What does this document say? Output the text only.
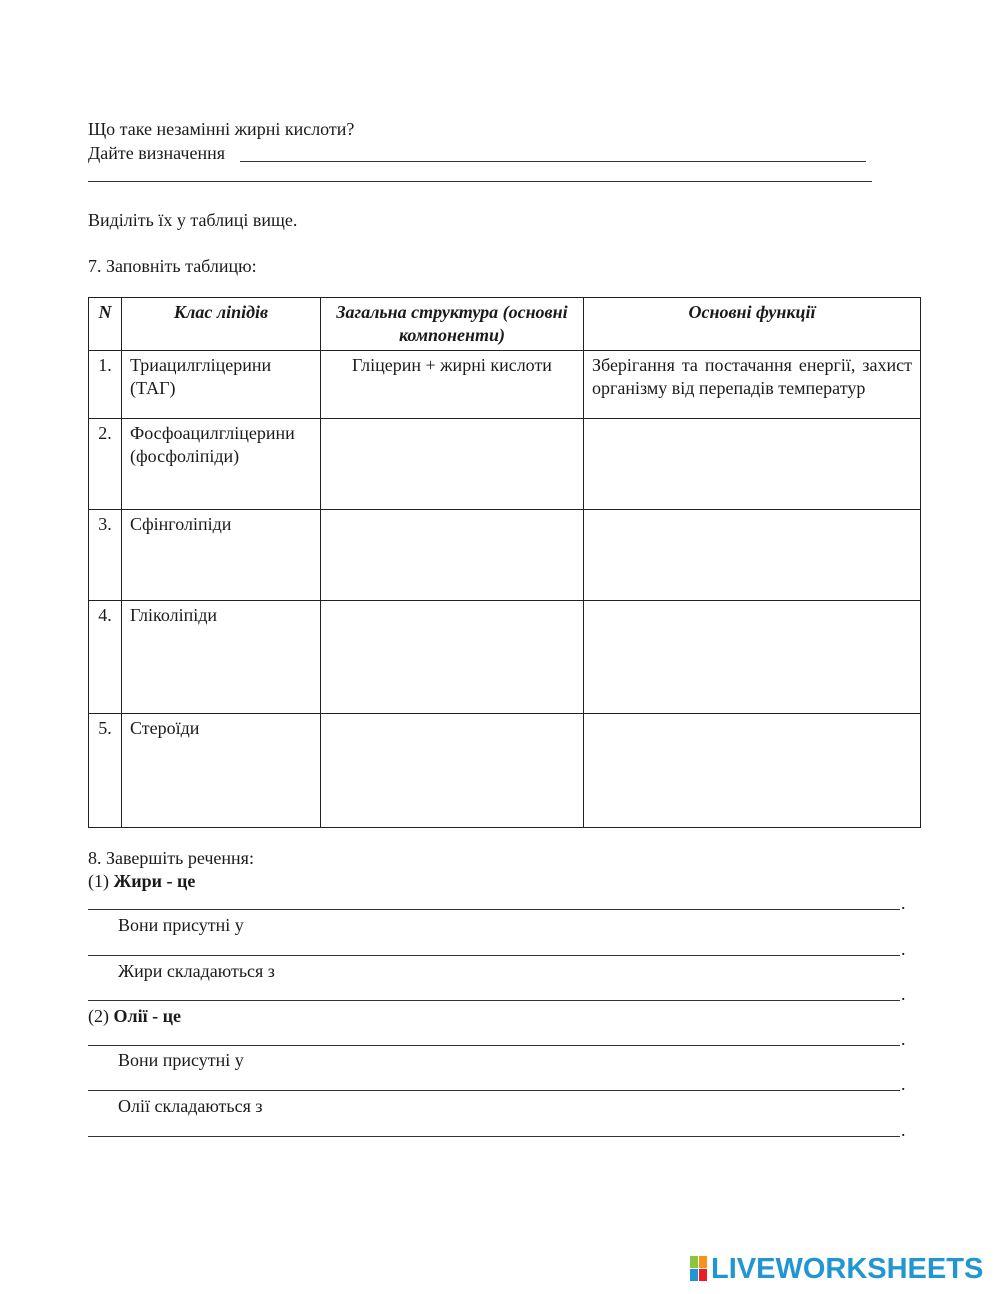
Що таке незамінні жирні кислоти?
Дайте визначення
Виділіть їх у таблиці вище.
7. Заповніть таблицю:
N	Клас ліпідів	Загальна структура (основні компоненти)	Основні функції
1.	Триацилгліцерини (ТАГ)	Гліцерин + жирні кислоти	Зберігання та постачання енергії, захист організму від перепадів температур
2.	Фосфоацилгліцерини (фосфоліпіди)		
3.	Сфінголіпіди		
4.	Гліколіпіди		
5.	Стероїди		
8. Завершіть речення:
(1) Жири - це
.
Вони присутні у
.
Жири складаються з
.
(2) Олії - це
.
Вони присутні у
.
Олії складаються з
.
LIVEWORKSHEETS
